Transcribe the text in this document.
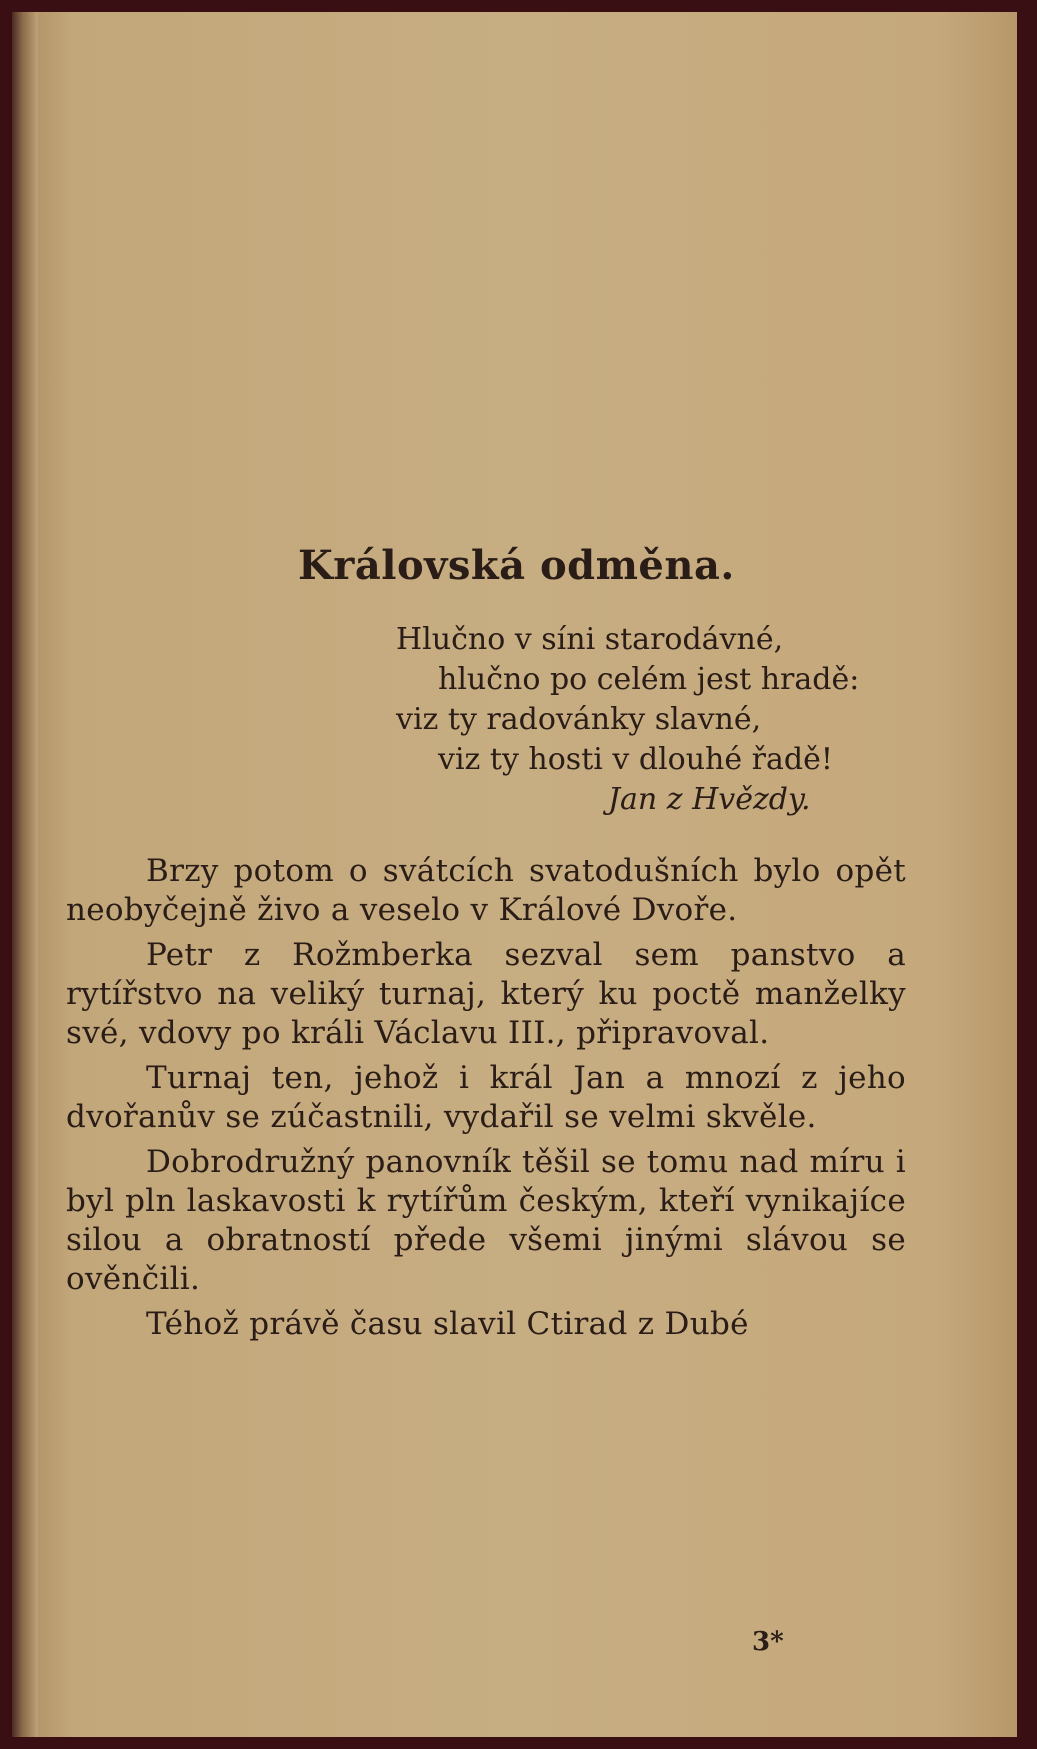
Královská odměna.
Hlučno v síni starodávné,
hlučno po celém jest hradě:
viz ty radovánky slavné,
viz ty hosti v dlouhé řadě!
Jan z Hvězdy.

Brzy potom o svátcích svatodušních bylo opět neobyčejně živo a veselo v Králové Dvoře.

Petr z Rožmberka sezval sem panstvo a rytířstvo na veliký turnaj, který ku poctě manželky své, vdovy po králi Václavu III., připravoval.

Turnaj ten, jehož i král Jan a mnozí z jeho dvořanův se zúčastnili, vydařil se velmi skvěle.

Dobrodružný panovník těšil se tomu nad míru i byl pln laskavosti k rytířům českým, kteří vynikajíce silou a obratností přede všemi jinými slávou se ověnčili.

Téhož právě času slavil Ctirad z Dubé

3*
